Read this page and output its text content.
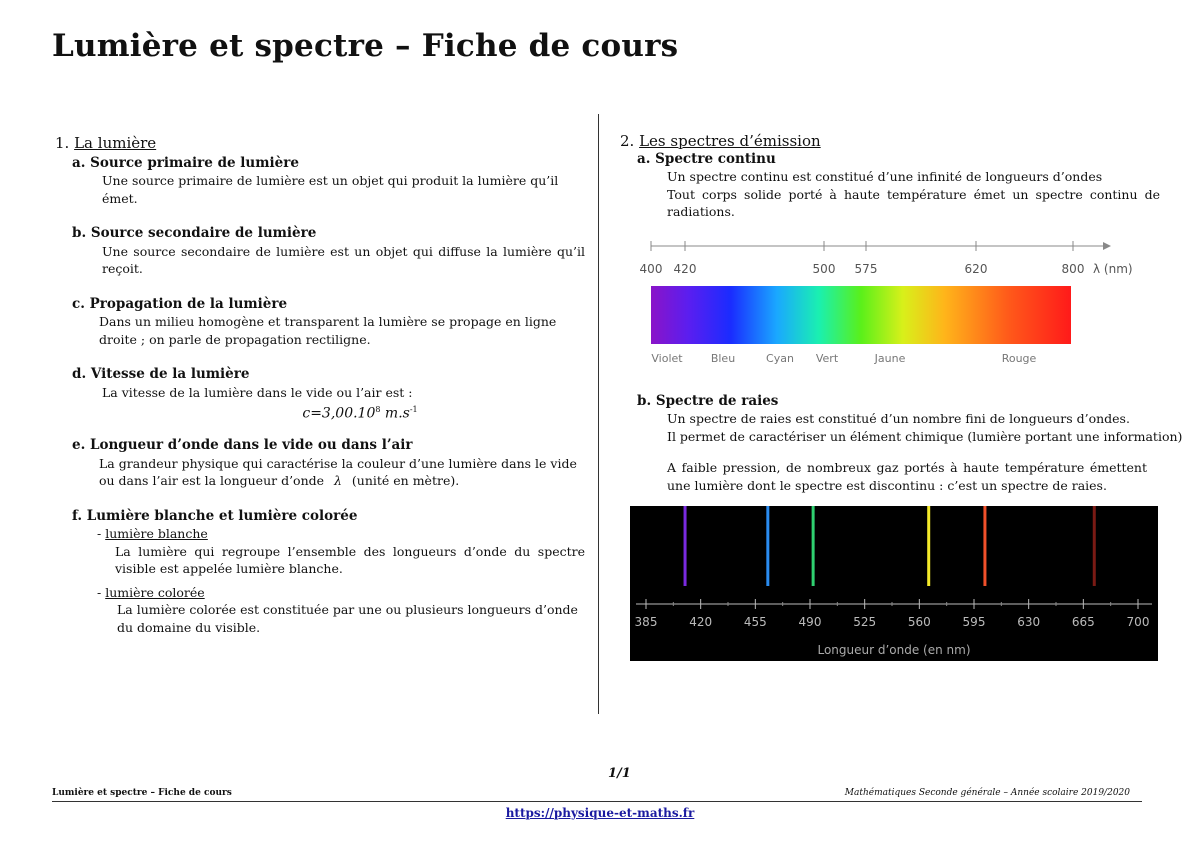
Lumière et spectre – Fiche de cours
1. La lumière
a. Source primaire de lumière
Une source primaire de lumière est un objet qui produit la lumière qu’il émet.
b. Source secondaire de lumière
Une source secondaire de lumière est un objet qui diffuse la lumière qu’il reçoit.
c. Propagation de la lumière
Dans un milieu homogène et transparent la lumière se propage en ligne droite ; on parle de propagation rectiligne.
d. Vitesse de la lumière
La vitesse de la lumière dans le vide ou l’air est :
$c=3,00.10^8$ $m.s^{-1}$
e. Longueur d’onde dans le vide ou dans l’air
La grandeur physique qui caractérise la couleur d’une lumière dans le vide ou dans l’air est la longueur d’onde λ (unité en mètre).
f. Lumière blanche et lumière colorée
- lumière blanche
La lumière qui regroupe l’ensemble des longueurs d’onde du spectre visible est appelée lumière blanche.
- lumière colorée
La lumière colorée est constituée par une ou plusieurs longueurs d’onde du domaine du visible.
2. Les spectres d’émission
a. Spectre continu
Un spectre continu est constitué d’une infinité de longueurs d’ondes
Tout corps solide porté à haute température émet un spectre continu de radiations.
b. Spectre de raies
Un spectre de raies est constitué d’un nombre fini de longueurs d’ondes.
Il permet de caractériser un élément chimique (lumière portant une information)
A faible pression, de nombreux gaz portés à haute température émettent une lumière dont le spectre est discontinu : c’est un spectre de raies.
400 420	500 575	620	800 λ (nm)
Violet	Bleu	Cyan Vert	Jaune	Rouge
385	420	455	490	525	560	595	630	665	700
Longueur d’onde (en nm)
1/1
Lumière et spectre – Fiche de cours	Mathématiques Seconde générale – Année scolaire 2019/2020
https://physique-et-maths.fr
